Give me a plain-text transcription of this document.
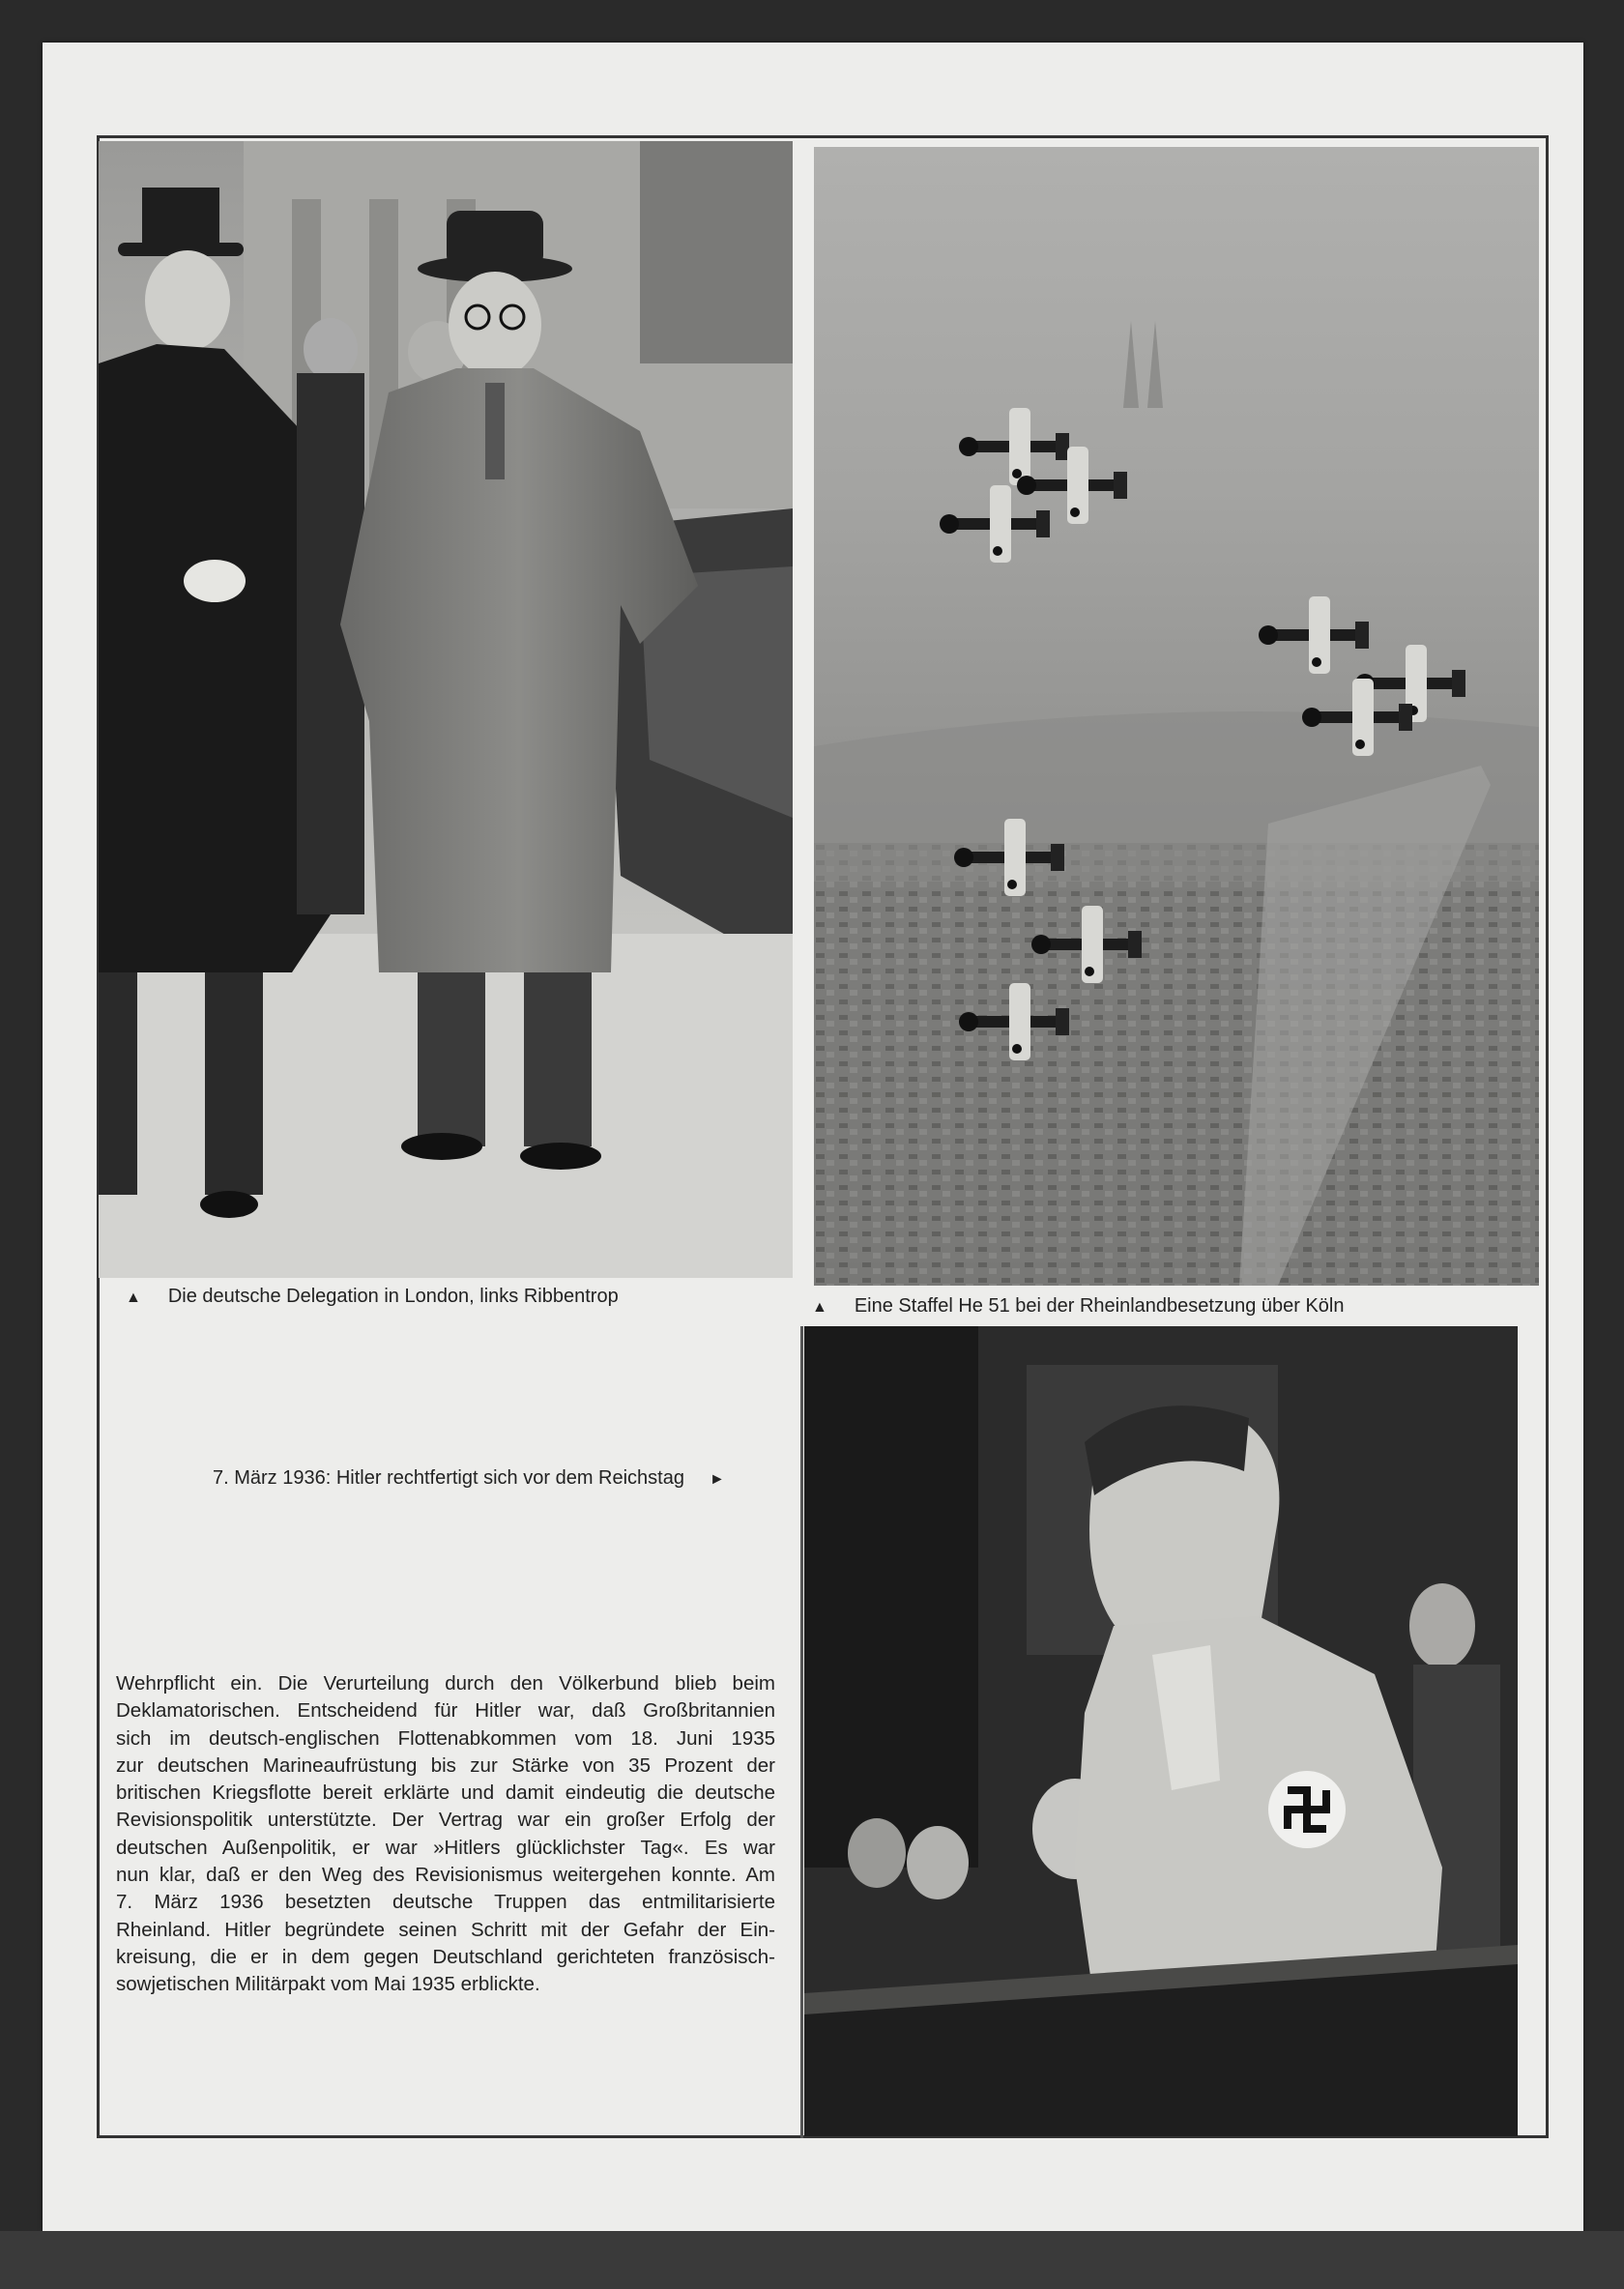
▲ Die deutsche Delegation in London, links Ribbentrop
▲ Eine Staffel He 51 bei der Rheinlandbesetzung über Köln
7. März 1936: Hitler rechtfertigt sich vor dem Reichstag ►
Wehrpflicht ein. Die Verurteilung durch den Völkerbund blieb beim
Deklamatorischen. Entscheidend für Hitler war, daß Großbritannien
sich im deutsch-englischen Flottenabkommen vom 18. Juni 1935
zur deutschen Marineaufrüstung bis zur Stärke von 35 Prozent der
britischen Kriegsflotte bereit erklärte und damit eindeutig die deutsche
Revisionspolitik unterstützte. Der Vertrag war ein großer Erfolg der
deutschen Außenpolitik, er war »Hitlers glücklichster Tag«. Es war
nun klar, daß er den Weg des Revisionismus weitergehen konnte. Am
7. März 1936 besetzten deutsche Truppen das entmilitarisierte
Rheinland. Hitler begründete seinen Schritt mit der Gefahr der Ein-
kreisung, die er in dem gegen Deutschland gerichteten französisch-
sowjetischen Militärpakt vom Mai 1935 erblickte.
